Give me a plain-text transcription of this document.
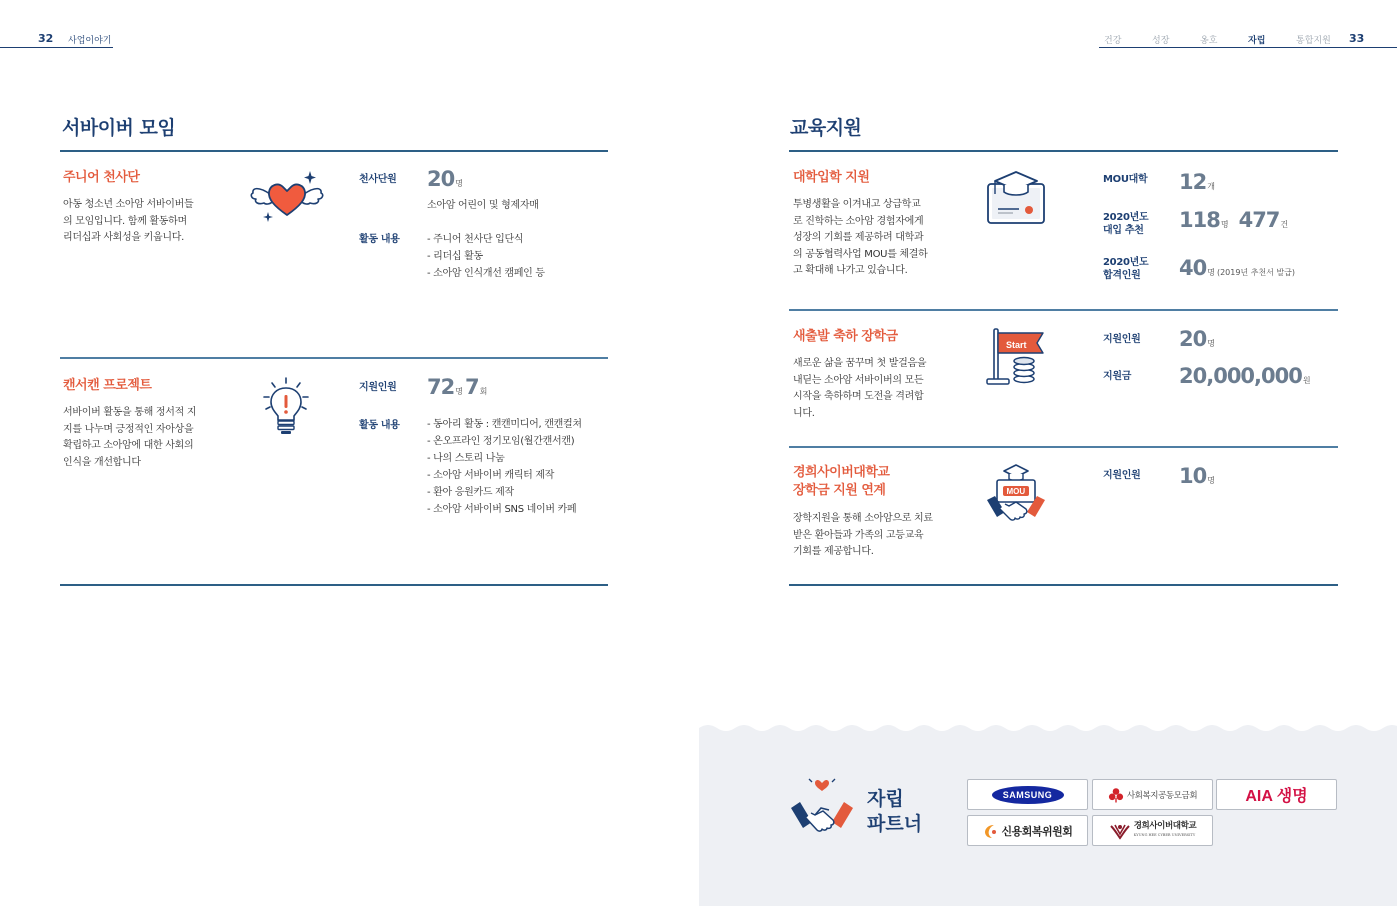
32 사업이야기	건강	성장	옹호	자립	통합지원 33
서바이버 모임
주니어 천사단
아동 청소년 소아암 서바이버들
의 모임입니다. 함께 활동하며
리더십과 사회성을 키웁니다.
천사단원 20명
소아암 어린이 및 형제자매
활동 내용	- 주니어 천사단 입단식
- 리더십 활동
- 소아암 인식개선 캠페인 등
캔서캔 프로젝트
서바이버 활동을 통해 정서적 지
지를 나누며 긍정적인 자아상을
확립하고 소아암에 대한 사회의
인식을 개선합니다
지원인원 72명7회
활동 내용	- 동아리 활동 : 캔캔미디어, 캔캔컬쳐
- 온오프라인 정기모임(월간캔서캔)
- 나의 스토리 나눔
- 소아암 서바이버 캐릭터 제작
- 환아 응원카드 제작
- 소아암 서바이버 SNS 네이버 카페
교육지원
대학입학 지원
투병생활을 이겨내고 상급학교
로 진학하는 소아암 경험자에게
성장의 기회를 제공하려 대학과
의 공동협력사업 MOU를 체결하
고 확대해 나가고 있습니다.
MOU대학 12개
2020년도
대입 추천 118명 477건
2020년도
합격인원	40명 (2019년 추천서 발급)
새출발 축하 장학금
새로운 삶을 꿈꾸며 첫 발걸음을
내딛는 소아암 서바이버의 모든
시작을 축하하며 도전을 격려합
니다.
Start	지원인원 20명
지원금 20,000,000원
경희사이버대학교
장학금 지원 연계
장학지원을 통해 소아암으로 치료
받은 환아들과 가족의 고등교육
기회를 제공합니다.
MOU
지원인원 10명
자립
파트너
SAMSUNG	사회복지공동모금회	AIA 생명
신용회복위원회	경희사이버대학교
KYUNG HEE CYBER UNIVERSITY
